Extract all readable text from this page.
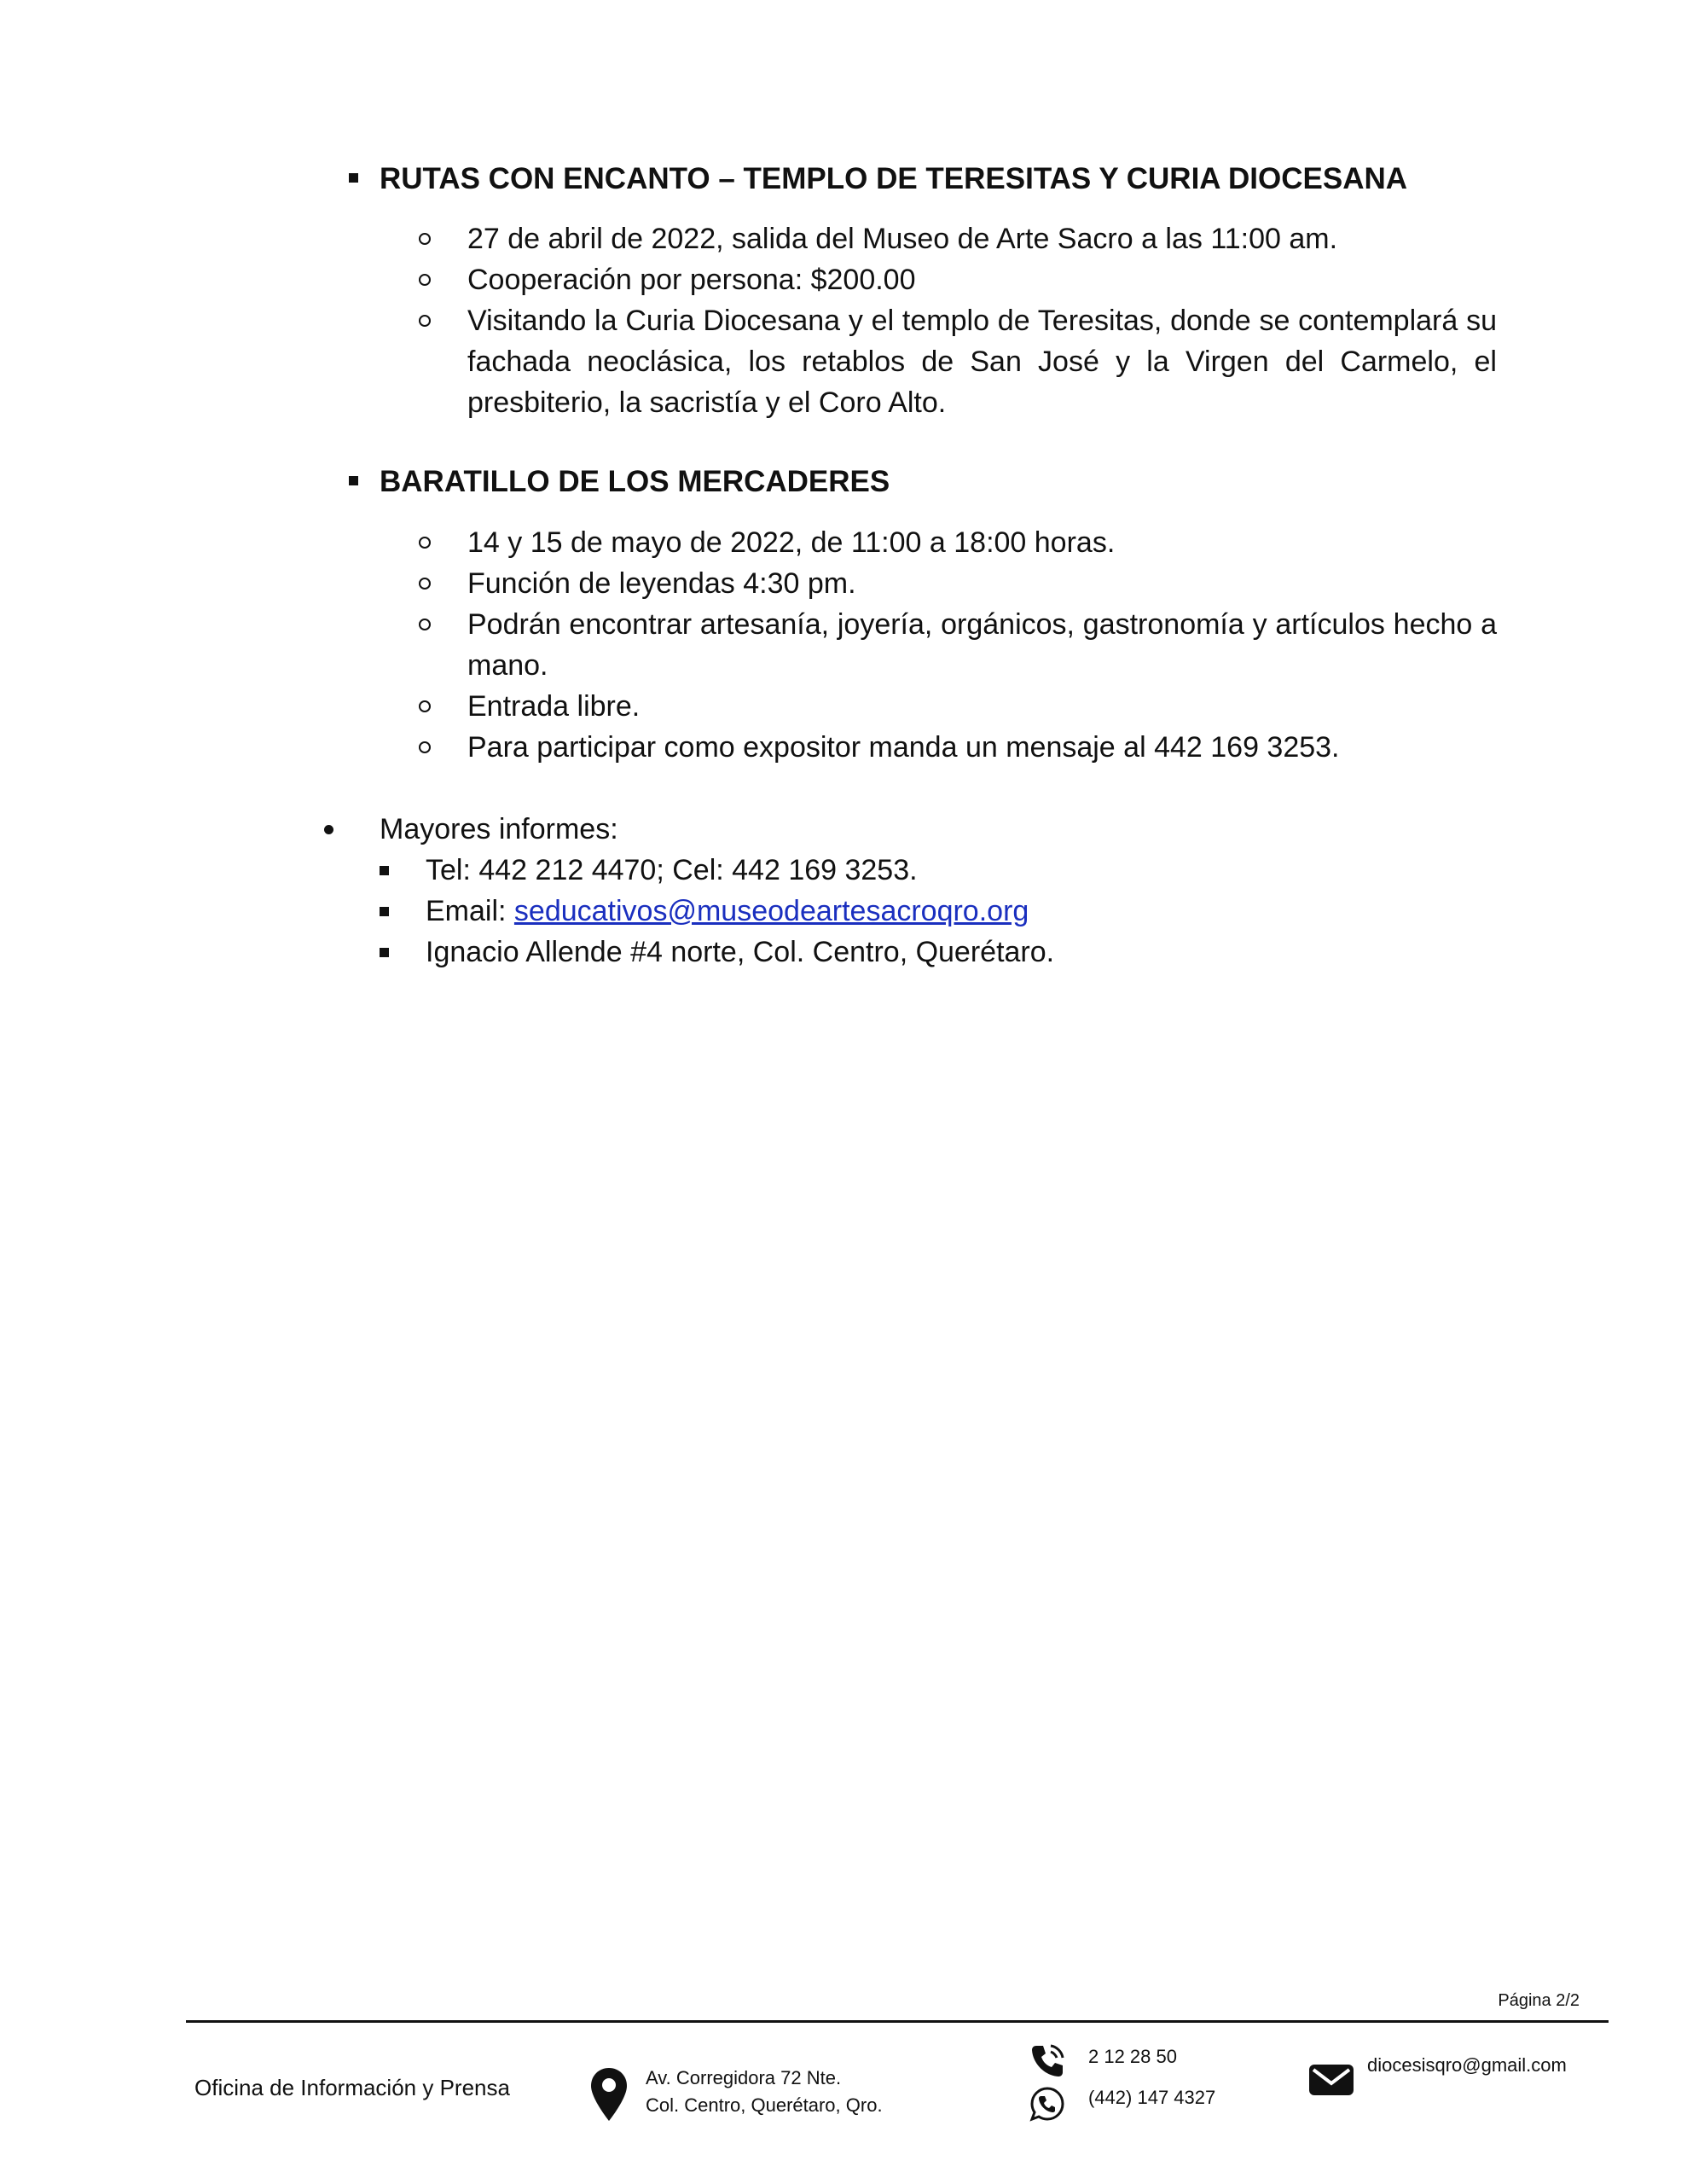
RUTAS CON ENCANTO – TEMPLO DE TERESITAS Y CURIA DIOCESANA
27 de abril de 2022, salida del Museo de Arte Sacro a las 11:00 am.
Cooperación por persona: $200.00
Visitando la Curia Diocesana y el templo de Teresitas, donde se contemplará su fachada neoclásica, los retablos de San José y la Virgen del Carmelo, el presbiterio, la sacristía y el Coro Alto.
BARATILLO DE LOS MERCADERES
14 y 15 de mayo de 2022, de 11:00 a 18:00 horas.
Función de leyendas 4:30 pm.
Podrán encontrar artesanía, joyería, orgánicos, gastronomía y artículos hecho a mano.
Entrada libre.
Para participar como expositor manda un mensaje al 442 169 3253.
Mayores informes:
Tel: 442 212 4470; Cel: 442 169 3253.
Email: seducativos@museodeartesacroqro.org
Ignacio Allende #4 norte, Col. Centro, Querétaro.
Página 2/2
Oficina de Información y Prensa	Av. Corregidora 72 Nte.
Col. Centro, Querétaro, Qro.
2 12 28 50
(442) 147 4327
diocesisqro@gmail.com
